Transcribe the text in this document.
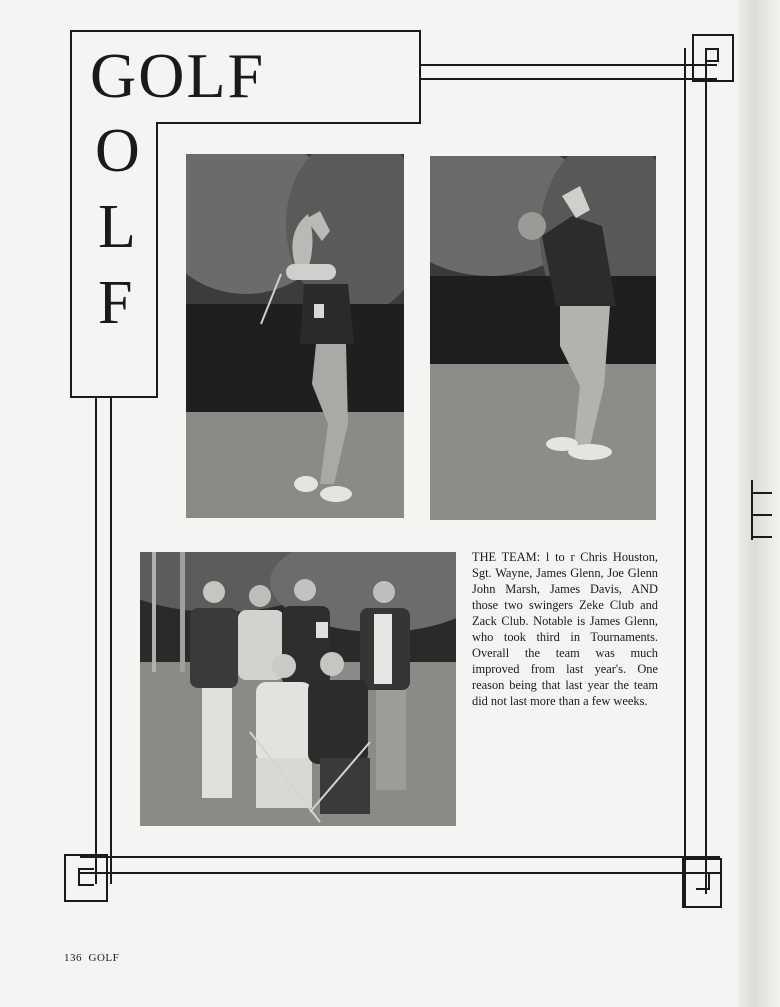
GOLF
O
L
F
THE TEAM: l to r Chris Houston, Sgt. Wayne, James Glenn, Joe Glenn John Marsh, James Davis, AND those two swingers Zeke Club and Zack Club. Notable is James Glenn, who took third in Tournaments. Overall the team was much improved from last year's. One reason being that last year the team did not last more than a few weeks.
136 GOLF
